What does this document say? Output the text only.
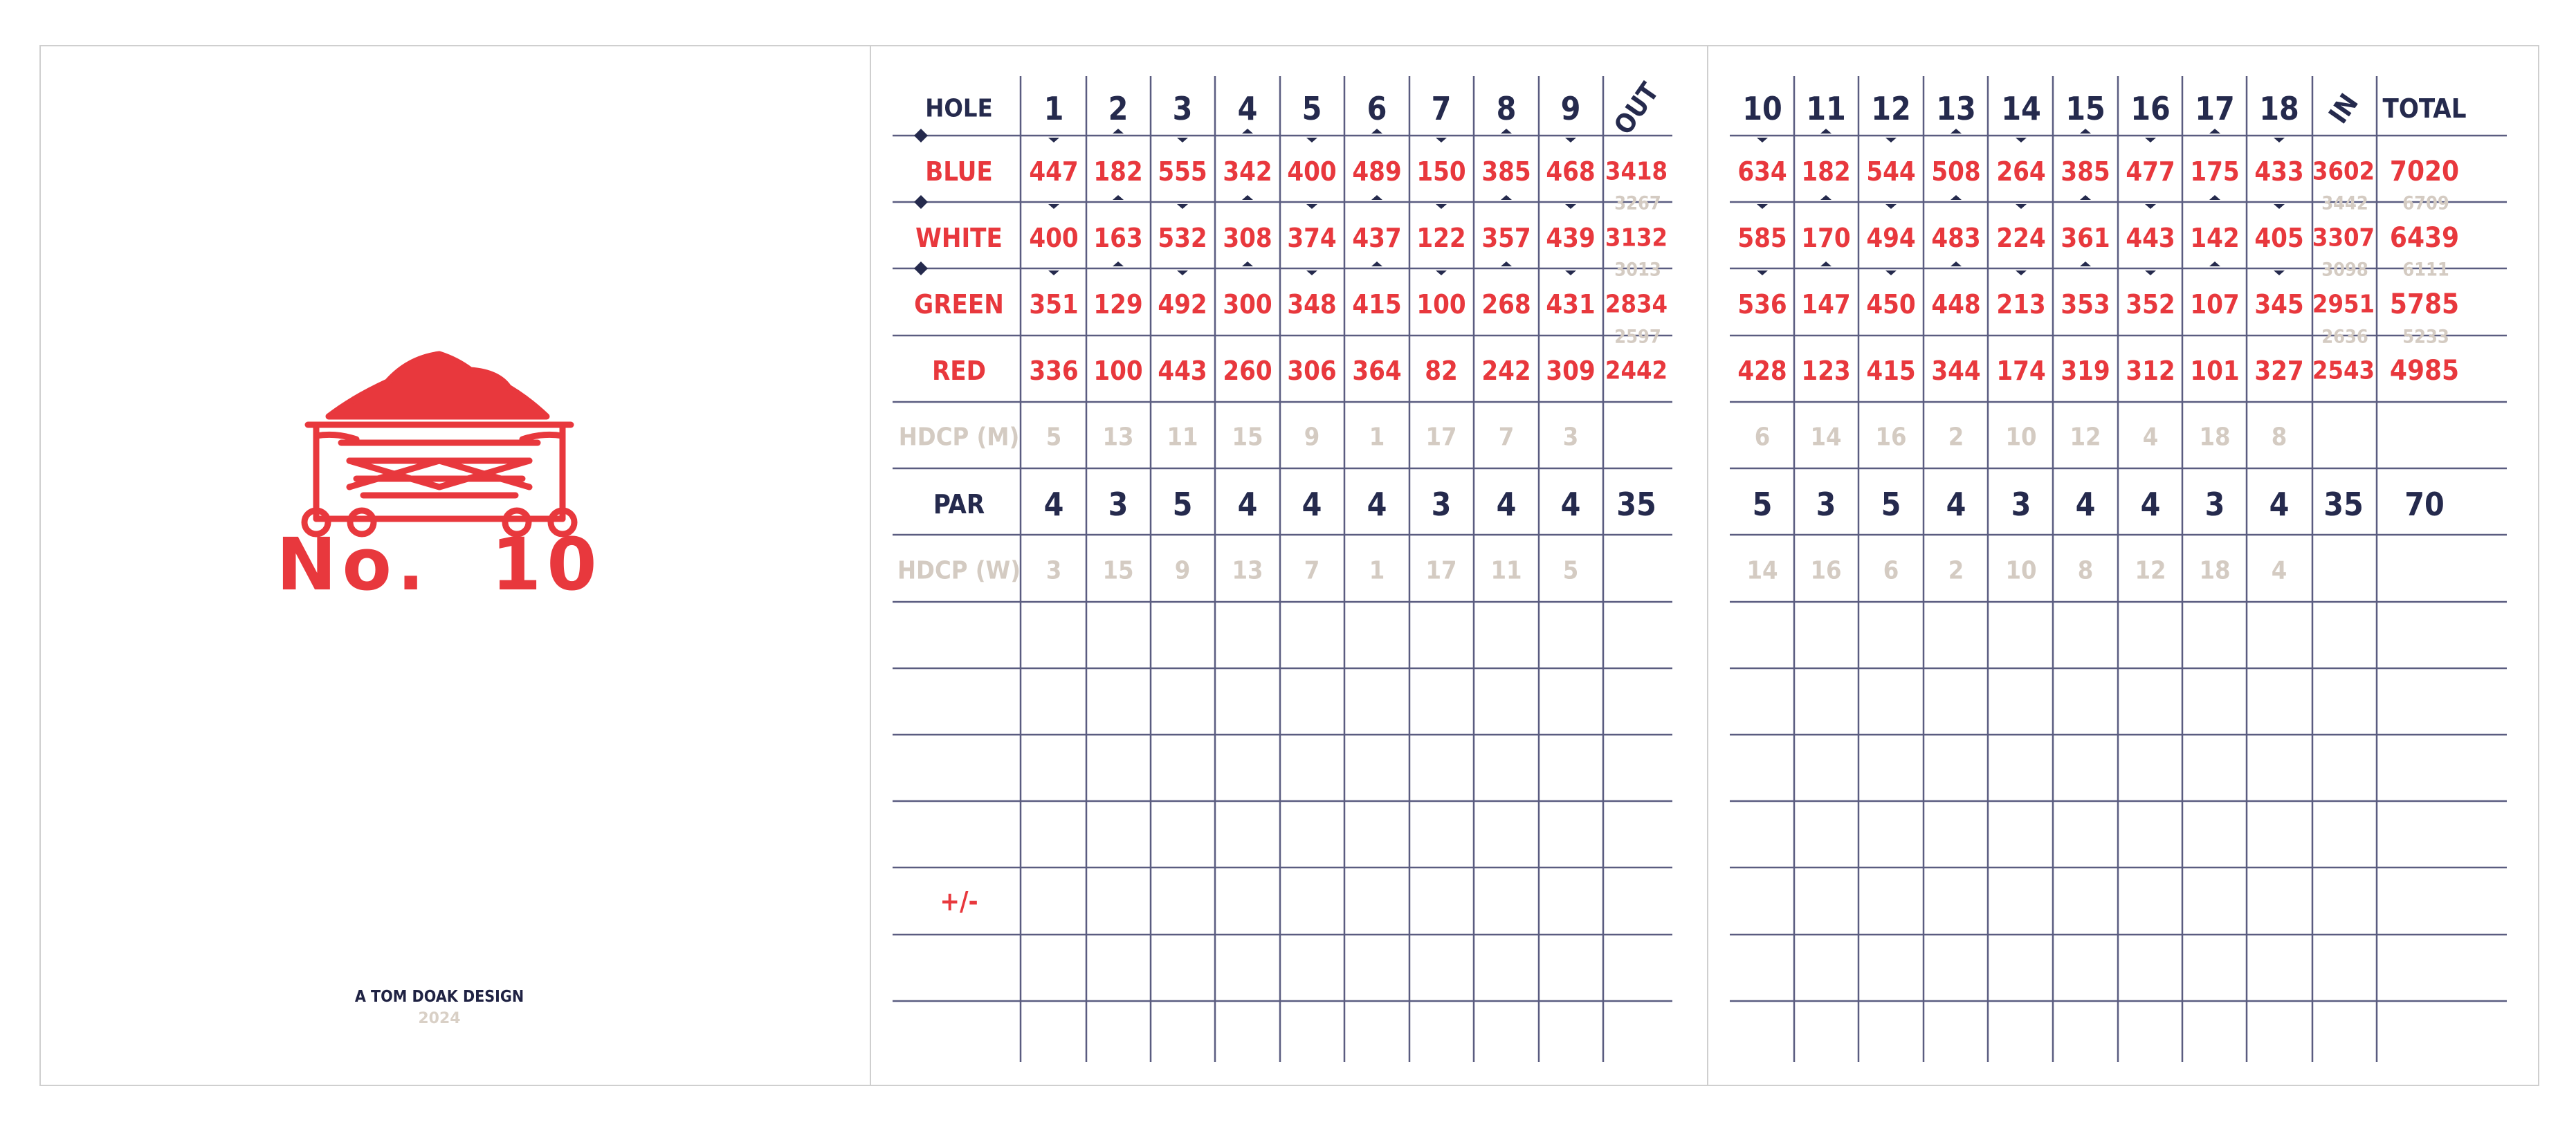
No.  10
A TOM DOAK DESIGN
2024
HOLE 1 2 3 4 5 6 7 8 9 OUT
BLUE 447 182 555 342 400 489 150 385 468 3418
WHITE 400 163 532 308 374 437 122 357 439 3132
3267
GREEN 351 129 492 300 348 415 100 268 431 2834
3013
RED 336 100 443 260 306 364 82 242 309 2442
2597
HDCP (M) 5 13 11 15 9 1 17 7 3
PAR 4 3 5 4 4 4 3 4 4 35
HDCP (W) 3 15 9 13 7 1 17 11 5
+/-
10 11 12 13 14 15 16 17 18 IN TOTAL
634 182 544 508 264 385 477 175 433 3602 7020
585 170 494 483 224 361 443 142 405 3307 6439
3442 6709
536 147 450 448 213 353 352 107 345 2951 5785
3098 6111
428 123 415 344 174 319 312 101 327 2543 4985
2636 5233
6 14 16 2 10 12 4 18 8
5 3 5 4 3 4 4 3 4 35 70
14 16 6 2 10 8 12 18 4
